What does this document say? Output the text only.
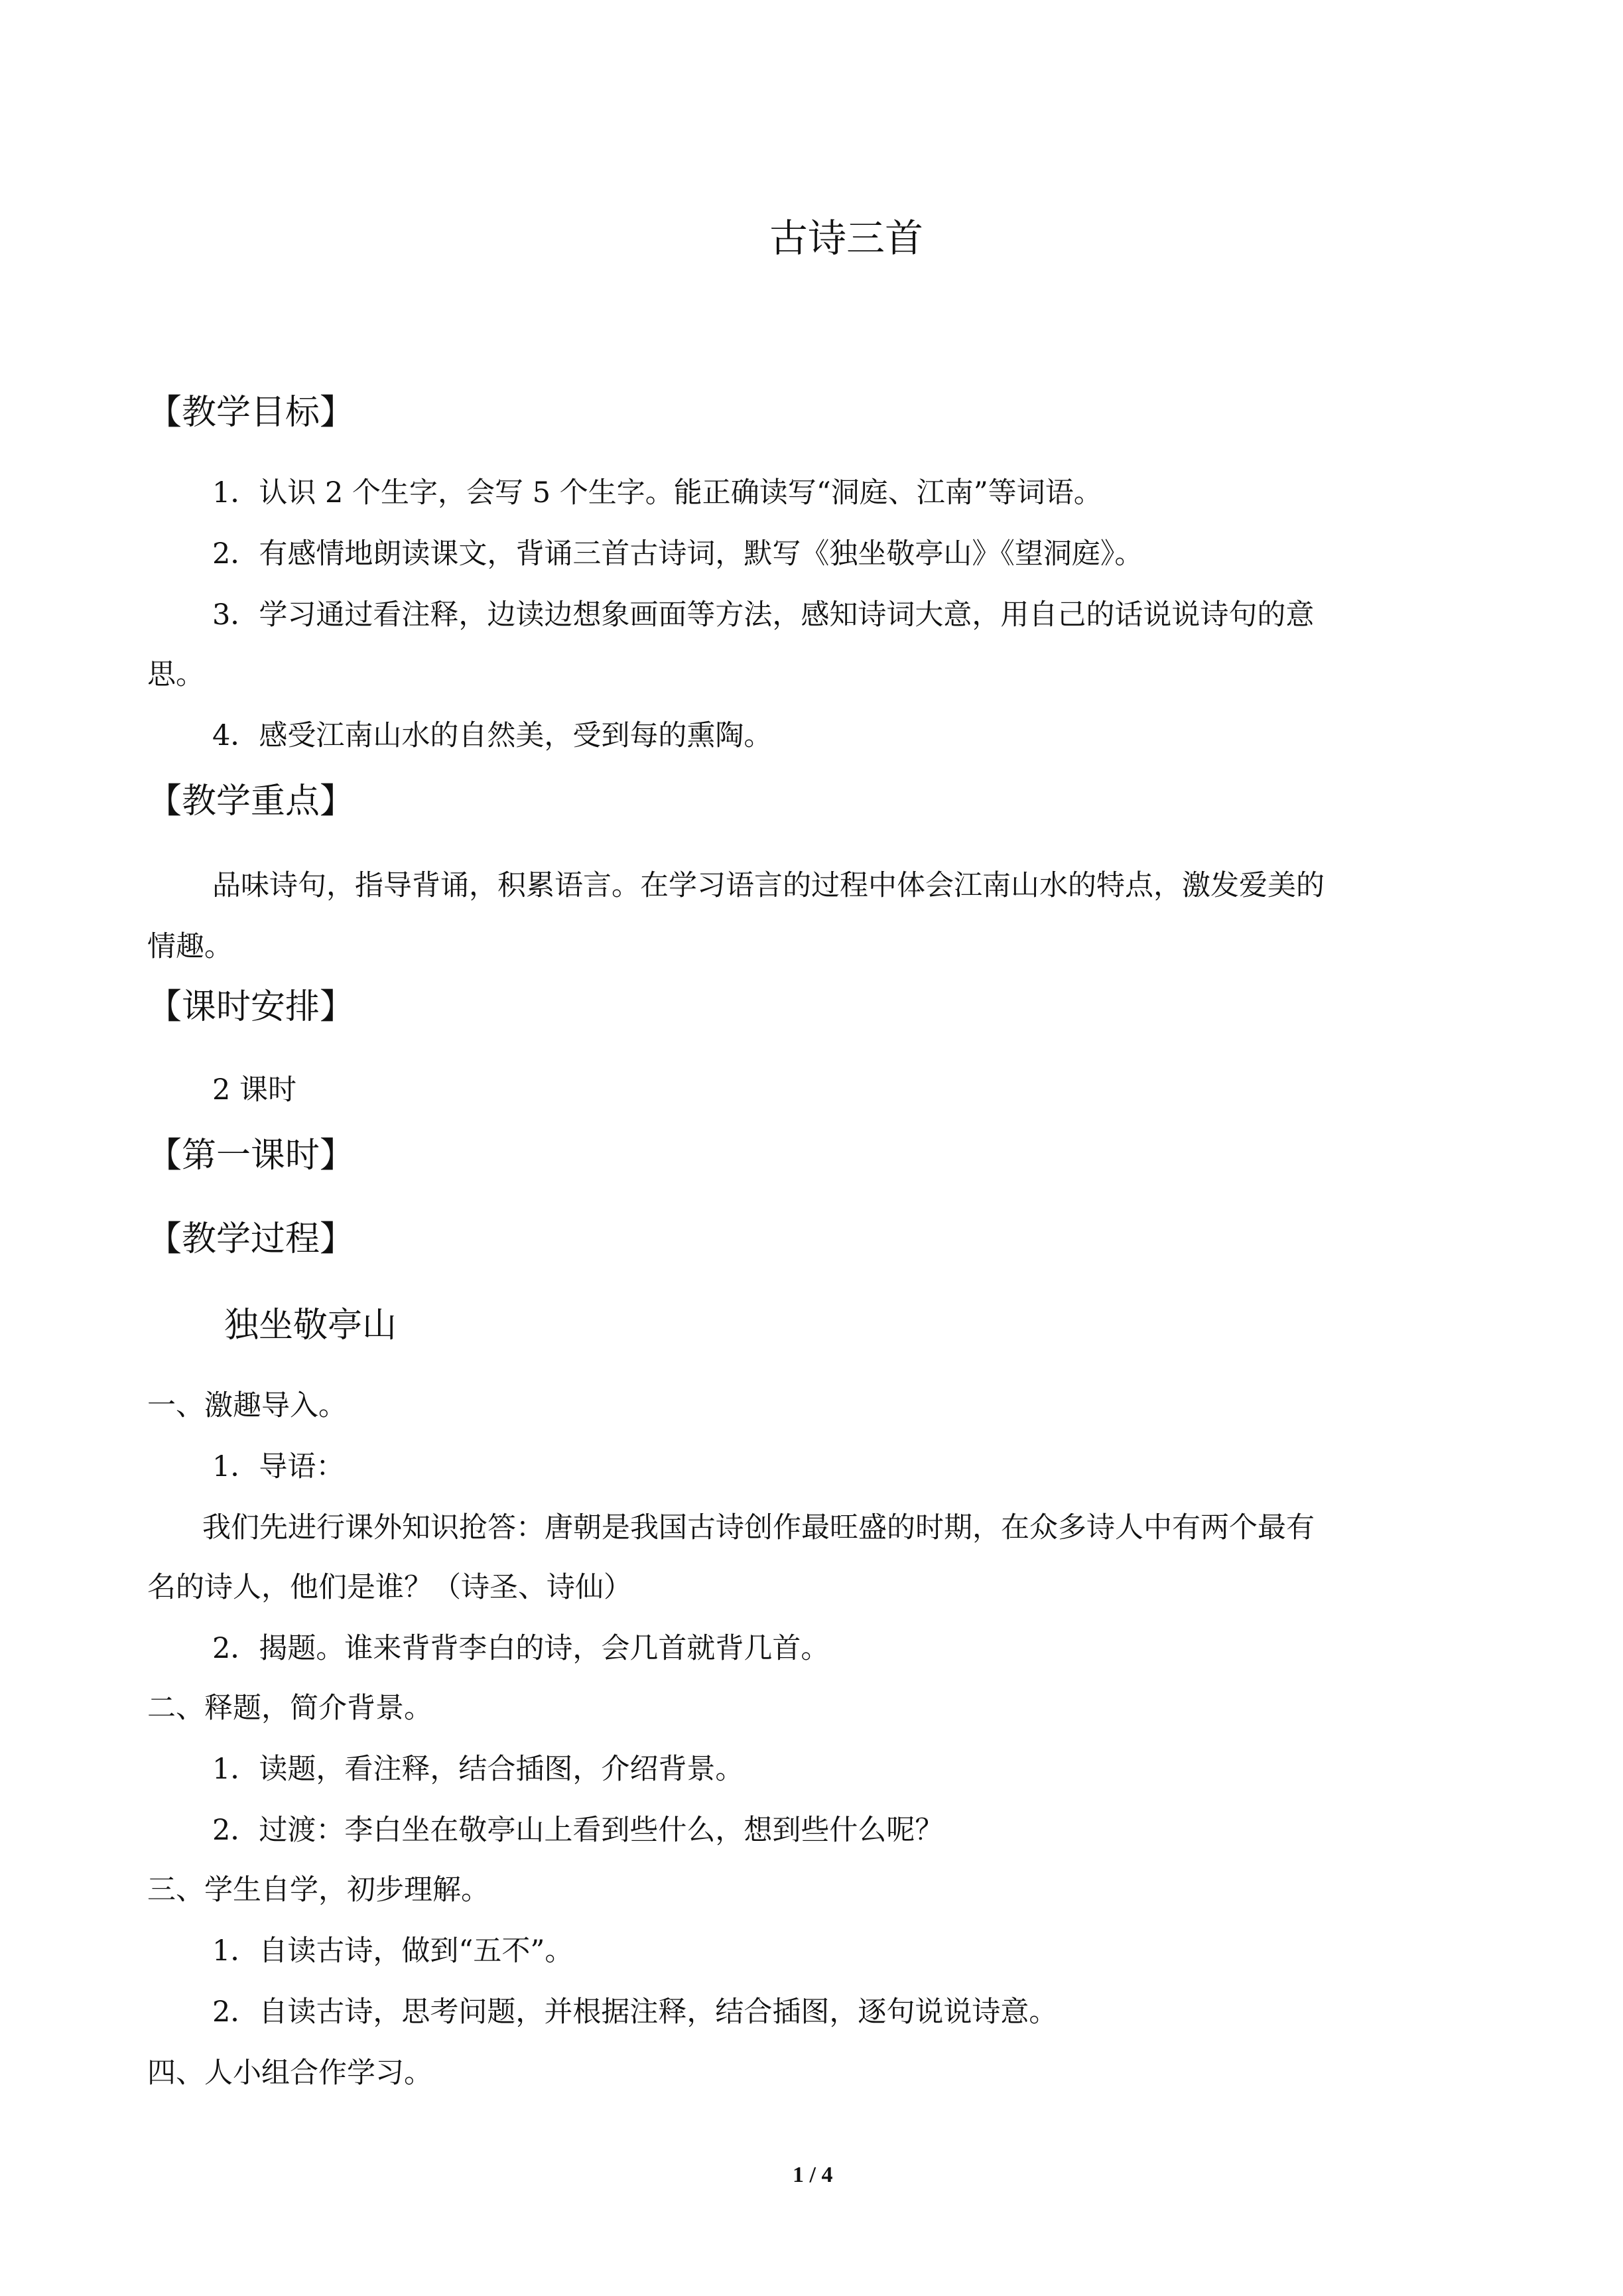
古诗三首
【教学目标】
1．认识 2 个生字，会写 5 个生字。能正确读写“洞庭、江南”等词语。
2．有感情地朗读课文，背诵三首古诗词，默写《独坐敬亭山》《望洞庭》。
3．学习通过看注释，边读边想象画面等方法，感知诗词大意，用自己的话说说诗句的意
思。
4．感受江南山水的自然美，受到每的熏陶。
【教学重点】
品味诗句，指导背诵，积累语言。在学习语言的过程中体会江南山水的特点，激发爱美的
情趣。
【课时安排】
2 课时
【第一课时】
【教学过程】
独坐敬亭山
一、激趣导入。
1．导语：
我们先进行课外知识抢答：唐朝是我国古诗创作最旺盛的时期，在众多诗人中有两个最有
名的诗人，他们是谁？（诗圣、诗仙）
2．揭题。谁来背背李白的诗，会几首就背几首。
二、释题，简介背景。
1．读题，看注释，结合插图，介绍背景。
2．过渡：李白坐在敬亭山上看到些什么，想到些什么呢？
三、学生自学，初步理解。
1．自读古诗，做到“五不”。
2．自读古诗，思考问题，并根据注释，结合插图，逐句说说诗意。
四、人小组合作学习。
1 / 4
